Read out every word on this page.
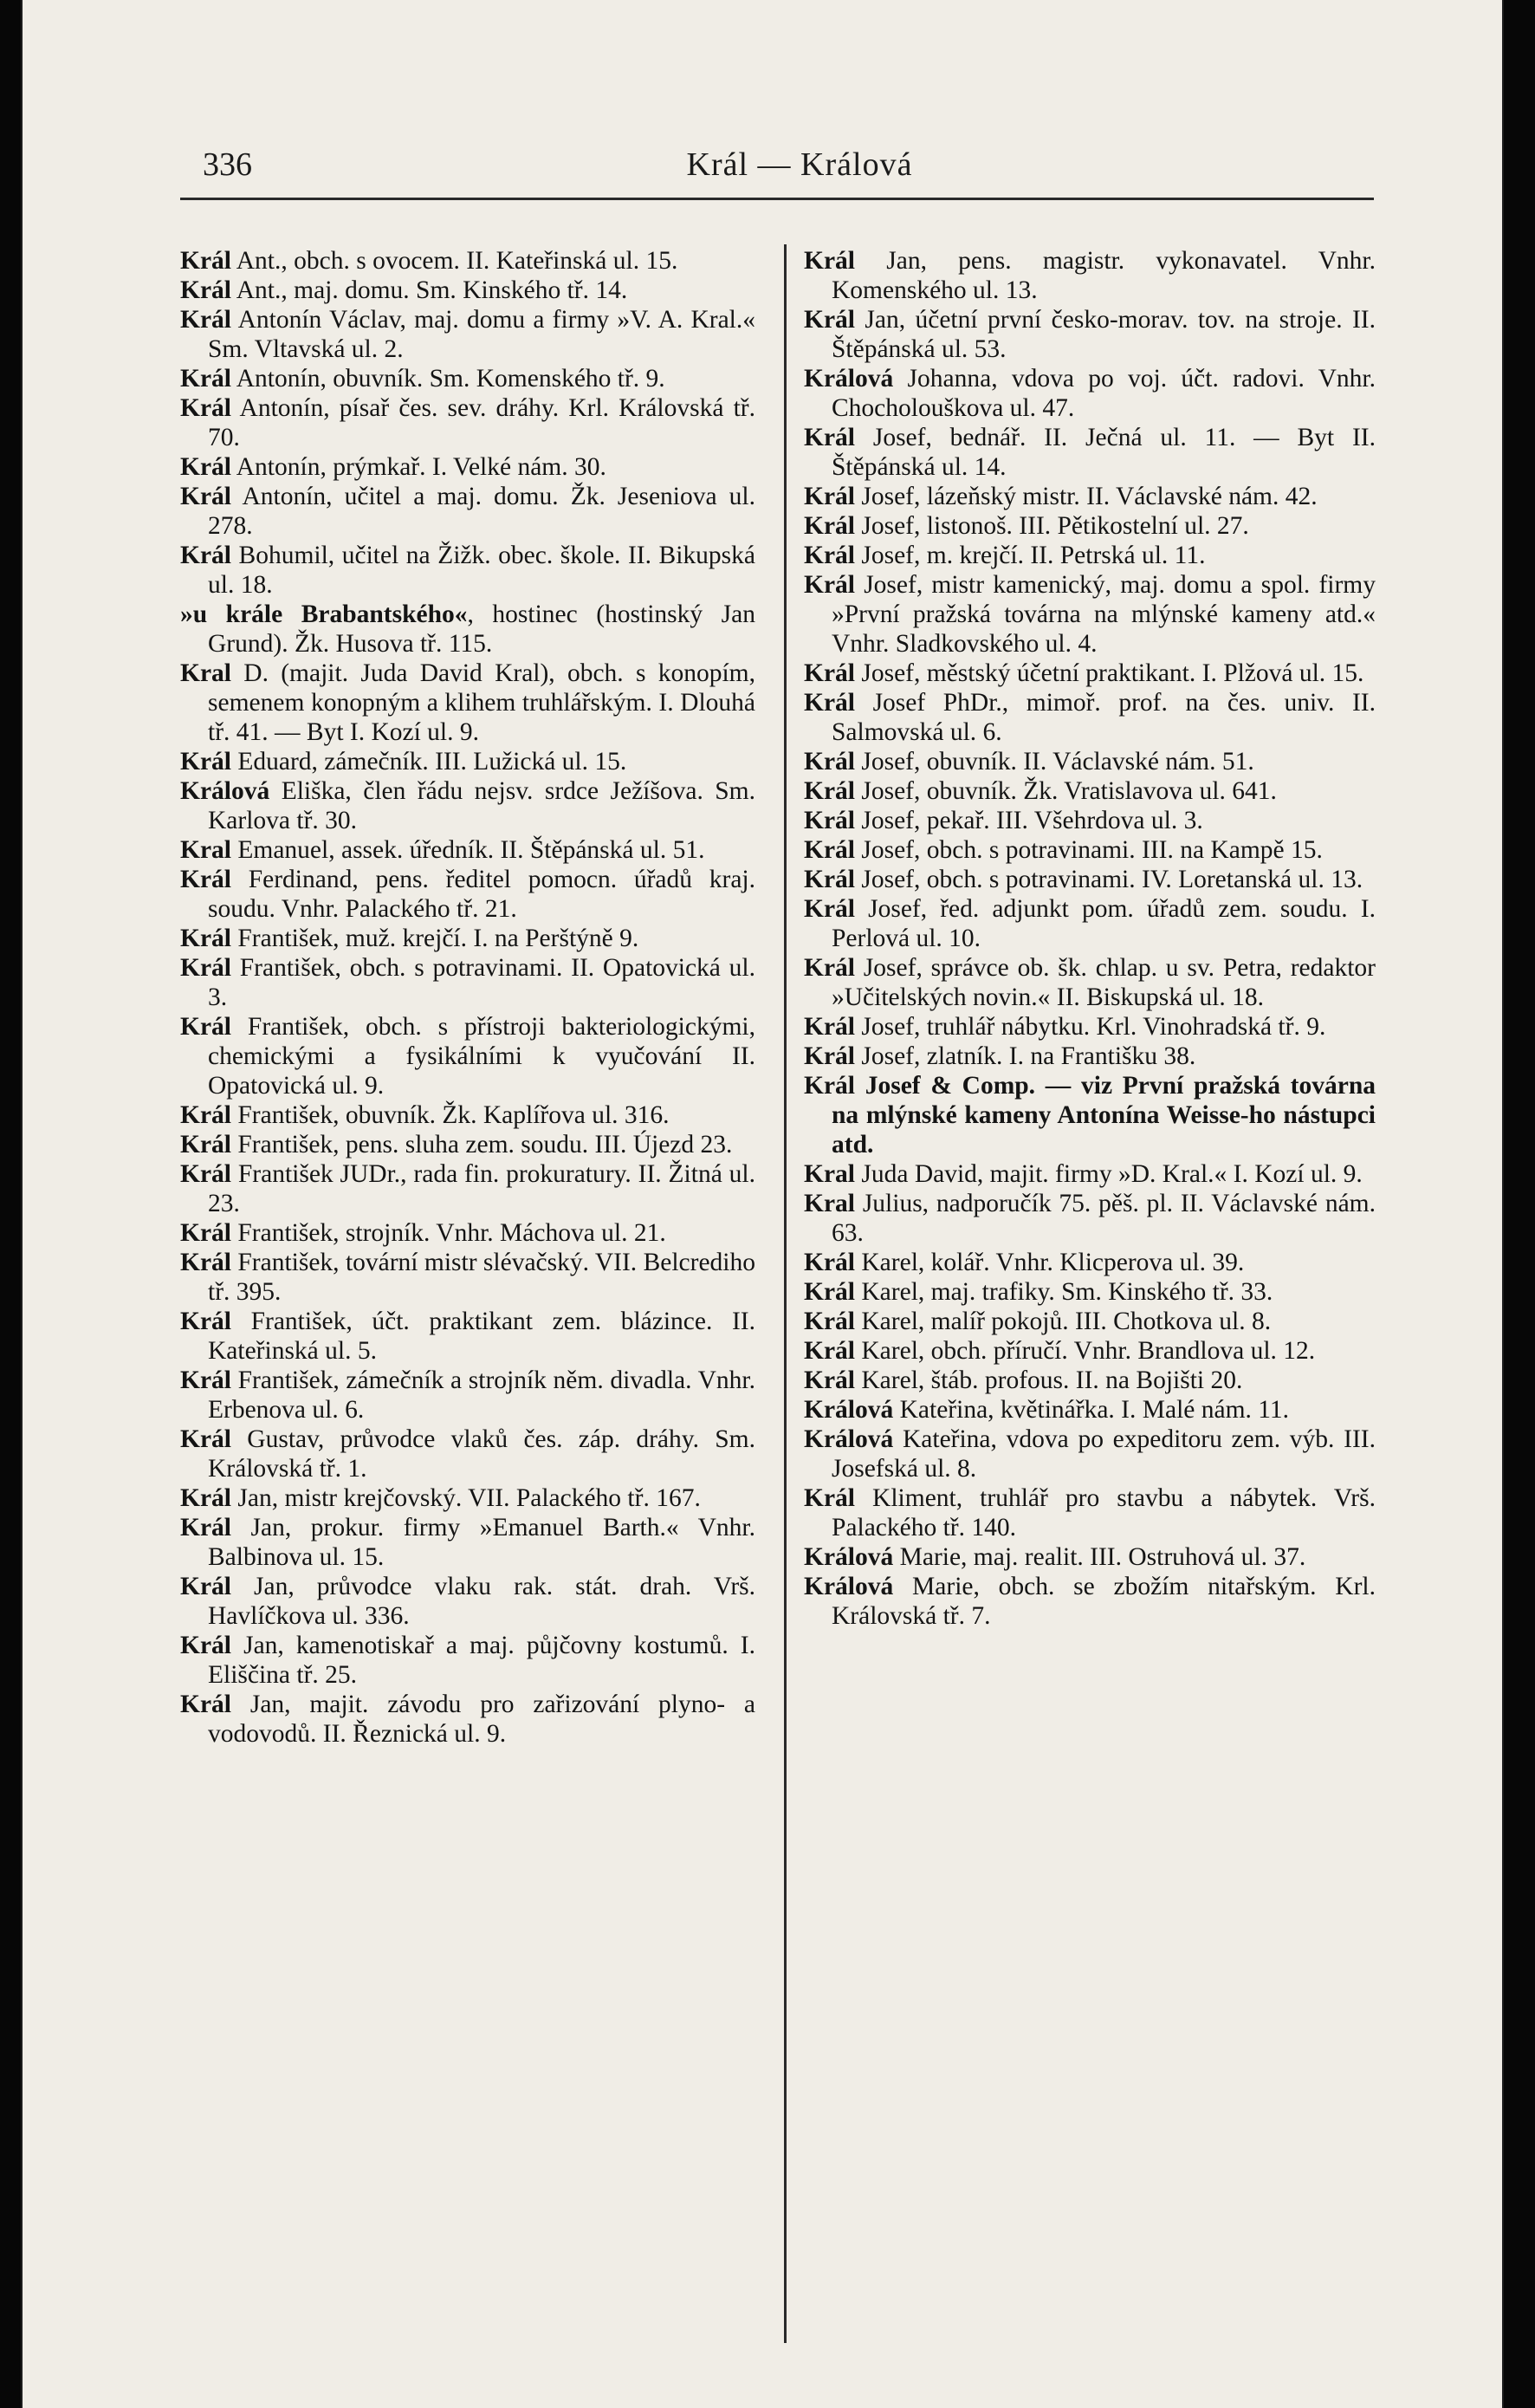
336	Král — Králová
Král Ant., obch. s ovocem. II. Kateřinská ul. 15.
Král Ant., maj. domu. Sm. Kinského tř. 14.
Král Antonín Václav, maj. domu a firmy »V. A. Kral.« Sm. Vltavská ul. 2.
Král Antonín, obuvník. Sm. Komenského tř. 9.
Král Antonín, písař čes. sev. dráhy. Krl. Královská tř. 70.
Král Antonín, prýmkař. I. Velké nám. 30.
Král Antonín, učitel a maj. domu. Žk. Jeseniova ul. 278.
Král Bohumil, učitel na Žižk. obec. škole. II. Bikupská ul. 18.
»u krále Brabantského«, hostinec (hostinský Jan Grund). Žk. Husova tř. 115.
Kral D. (majit. Juda David Kral), obch. s konopím, semenem konopným a klihem truhlářským. I. Dlouhá tř. 41. — Byt I. Kozí ul. 9.
Král Eduard, zámečník. III. Lužická ul. 15.
Králová Eliška, člen řádu nejsv. srdce Ježíšova. Sm. Karlova tř. 30.
Kral Emanuel, assek. úředník. II. Štěpánská ul. 51.
Král Ferdinand, pens. ředitel pomocn. úřadů kraj. soudu. Vnhr. Palackého tř. 21.
Král František, muž. krejčí. I. na Perštýně 9.
Král František, obch. s potravinami. II. Opatovická ul. 3.
Král František, obch. s přístroji bakteriologickými, chemickými a fysikálními k vyučování II. Opatovická ul. 9.
Král František, obuvník. Žk. Kaplířova ul. 316.
Král František, pens. sluha zem. soudu. III. Újezd 23.
Král František JUDr., rada fin. prokuratury. II. Žitná ul. 23.
Král František, strojník. Vnhr. Máchova ul. 21.
Král František, tovární mistr slévačský. VII. Belcrediho tř. 395.
Král František, účt. praktikant zem. blázince. II. Kateřinská ul. 5.
Král František, zámečník a strojník něm. divadla. Vnhr. Erbenova ul. 6.
Král Gustav, průvodce vlaků čes. záp. dráhy. Sm. Královská tř. 1.
Král Jan, mistr krejčovský. VII. Palackého tř. 167.
Král Jan, prokur. firmy »Emanuel Barth.« Vnhr. Balbinova ul. 15.
Král Jan, průvodce vlaku rak. stát. drah. Vrš. Havlíčkova ul. 336.
Král Jan, kamenotiskař a maj. půjčovny kostumů. I. Eliščina tř. 25.
Král Jan, majit. závodu pro zařizování plyno- a vodovodů. II. Řeznická ul. 9.
Král Jan, pens. magistr. vykonavatel. Vnhr. Komenského ul. 13.
Král Jan, účetní první česko-morav. tov. na stroje. II. Štěpánská ul. 53.
Králová Johanna, vdova po voj. účt. radovi. Vnhr. Chocholouškova ul. 47.
Král Josef, bednář. II. Ječná ul. 11. — Byt II. Štěpánská ul. 14.
Král Josef, lázeňský mistr. II. Václavské nám. 42.
Král Josef, listonoš. III. Pětikostelní ul. 27.
Král Josef, m. krejčí. II. Petrská ul. 11.
Král Josef, mistr kamenický, maj. domu a spol. firmy »První pražská továrna na mlýnské kameny atd.« Vnhr. Sladkovského ul. 4.
Král Josef, městský účetní praktikant. I. Plžová ul. 15.
Král Josef PhDr., mimoř. prof. na čes. univ. II. Salmovská ul. 6.
Král Josef, obuvník. II. Václavské nám. 51.
Král Josef, obuvník. Žk. Vratislavova ul. 641.
Král Josef, pekař. III. Všehrdova ul. 3.
Král Josef, obch. s potravinami. III. na Kampě 15.
Král Josef, obch. s potravinami. IV. Loretanská ul. 13.
Král Josef, řed. adjunkt pom. úřadů zem. soudu. I. Perlová ul. 10.
Král Josef, správce ob. šk. chlap. u sv. Petra, redaktor »Učitelských novin.« II. Biskupská ul. 18.
Král Josef, truhlář nábytku. Krl. Vinohradská tř. 9.
Král Josef, zlatník. I. na Františku 38.
Král Josef & Comp. — viz První pražská továrna na mlýnské kameny Antonína Weisse-ho nástupci atd.
Kral Juda David, majit. firmy »D. Kral.« I. Kozí ul. 9.
Kral Julius, nadporučík 75. pěš. pl. II. Václavské nám. 63.
Král Karel, kolář. Vnhr. Klicperova ul. 39.
Král Karel, maj. trafiky. Sm. Kinského tř. 33.
Král Karel, malíř pokojů. III. Chotkova ul. 8.
Král Karel, obch. příručí. Vnhr. Brandlova ul. 12.
Král Karel, štáb. profous. II. na Bojišti 20.
Králová Kateřina, květinářka. I. Malé nám. 11.
Králová Kateřina, vdova po expeditoru zem. výb. III. Josefská ul. 8.
Král Kliment, truhlář pro stavbu a nábytek. Vrš. Palackého tř. 140.
Králová Marie, maj. realit. III. Ostruhová ul. 37.
Králová Marie, obch. se zbožím nitařským. Krl. Královská tř. 7.
